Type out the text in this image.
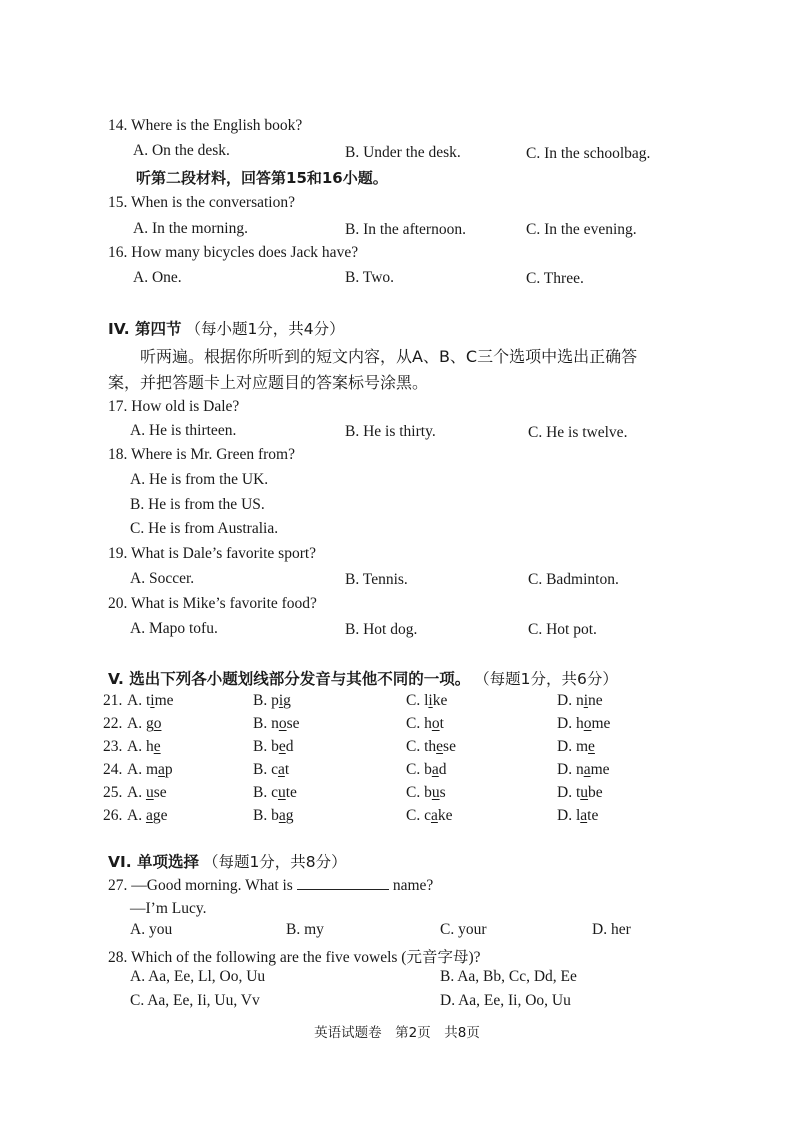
14. Where is the English book?
A. On the desk.	B. Under the desk.	C. In the schoolbag.
听第二段材料，回答第15和16小题。
15. When is the conversation?
A. In the morning.	B. In the afternoon.	C. In the evening.
16. How many bicycles does Jack have?
A. One.	B. Two.	C. Three.
IV. 第四节 （每小题1分，共4分）
听两遍。根据你所听到的短文内容，从A、B、C三个选项中选出正确答
案，并把答题卡上对应题目的答案标号涂黑。
17. How old is Dale?
A. He is thirteen.	B. He is thirty.	C. He is twelve.
18. Where is Mr. Green from?
A. He is from the UK.
B. He is from the US.
C. He is from Australia.
19. What is Dale’s favorite sport?
A. Soccer.	B. Tennis.	C. Badminton.
20. What is Mike’s favorite food?
A. Mapo tofu.	B. Hot dog.	C. Hot pot.
V. 选出下列各小题划线部分发音与其他不同的一项。 （每题1分，共6分）
21. A. time	B. pig	C. like	D. nine
22. A. go	B. nose	C. hot	D. home
23. A. he	B. bed	C. these	D. me
24. A. map	B. cat	C. bad	D. name
25. A. use	B. cute	C. bus	D. tube
26. A. age	B. bag	C. cake	D. late
VI. 单项选择 （每题1分，共8分）
27. —Good morning. What is	name?
—I’m Lucy.
A. you	B. my	C. your	D. her
28. Which of the following are the five vowels (元音字母)?
A. Aa, Ee, Ll, Oo, Uu	B. Aa, Bb, Cc, Dd, Ee
C. Aa, Ee, Ii, Uu, Vv	D. Aa, Ee, Ii, Oo, Uu
英语试题卷　第2页　共8页
